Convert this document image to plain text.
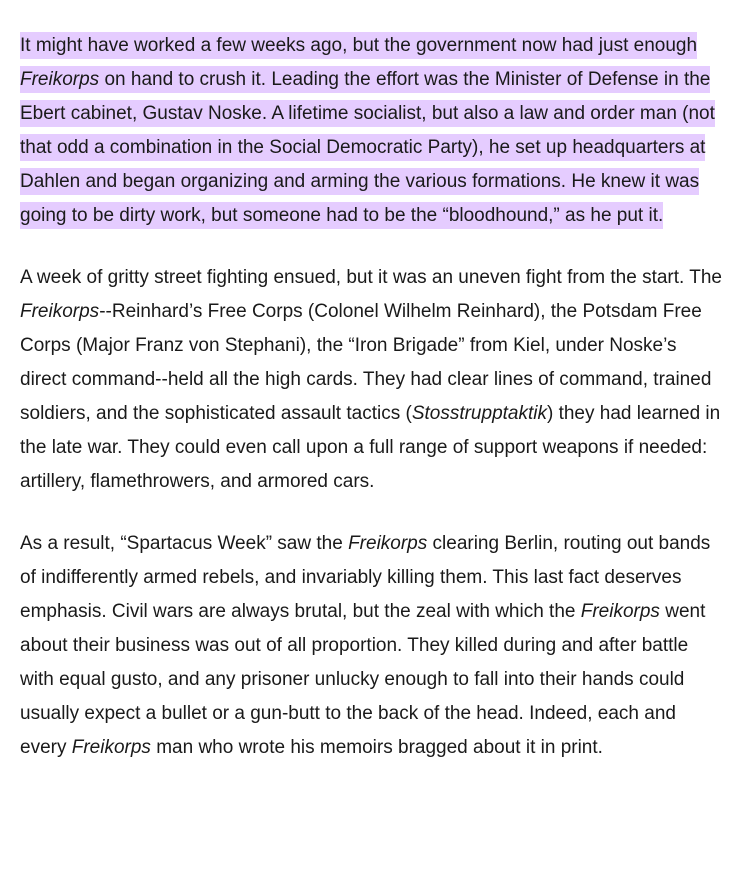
It might have worked a few weeks ago, but the government now had just enough Freikorps on hand to crush it. Leading the effort was the Minister of Defense in the Ebert cabinet, Gustav Noske. A lifetime socialist, but also a law and order man (not that odd a combination in the Social Democratic Party), he set up headquarters at Dahlen and began organizing and arming the various formations. He knew it was going to be dirty work, but someone had to be the “bloodhound,” as he put it.

A week of gritty street fighting ensued, but it was an uneven fight from the start. The Freikorps--Reinhard’s Free Corps (Colonel Wilhelm Reinhard), the Potsdam Free Corps (Major Franz von Stephani), the “Iron Brigade” from Kiel, under Noske’s direct command--held all the high cards. They had clear lines of command, trained soldiers, and the sophisticated assault tactics (Stosstrupptaktik) they had learned in the late war. They could even call upon a full range of support weapons if needed: artillery, flamethrowers, and armored cars.

As a result, “Spartacus Week” saw the Freikorps clearing Berlin, routing out bands of indifferently armed rebels, and invariably killing them. This last fact deserves emphasis. Civil wars are always brutal, but the zeal with which the Freikorps went about their business was out of all proportion. They killed during and after battle with equal gusto, and any prisoner unlucky enough to fall into their hands could usually expect a bullet or a gun-butt to the back of the head. Indeed, each and every Freikorps man who wrote his memoirs bragged about it in print.
